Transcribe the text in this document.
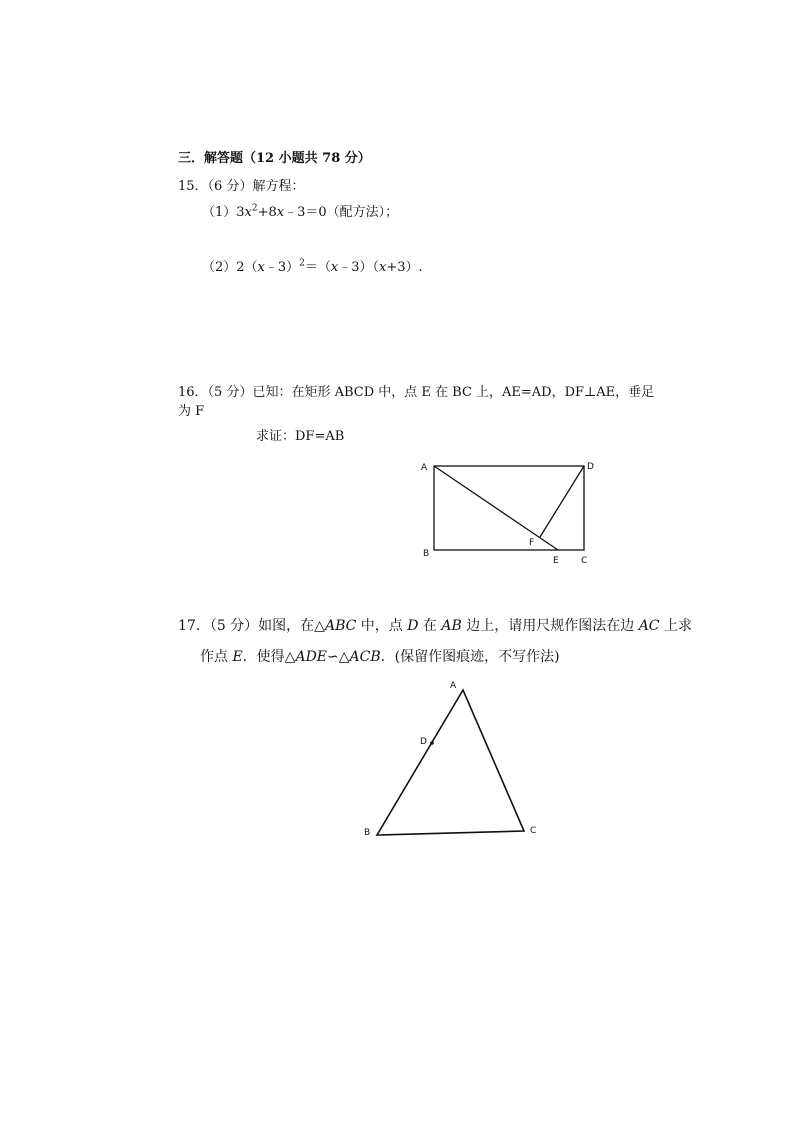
三．解答题（12 小题共 78 分）
15．（6 分）解方程：
$(1)3x^2+8x﹣3=0$（配方法）；
（2）2（x﹣3）$^2$＝（x﹣3）（x+3）.
16．（5 分）已知：在矩形 ABCD 中，点 E 在 BC 上，AE=AD，DF⊥AE，垂足
为 F
求证：DF=AB
17．（5 分）如图，在△ABC 中，点 D 在 AB 边上，请用尺规作图法在边 AC 上求
作点 E．使得△ADE∽△ACB．(保留作图痕迹，不写作法)
A	D
B
C
E
F
A
D
B	C
